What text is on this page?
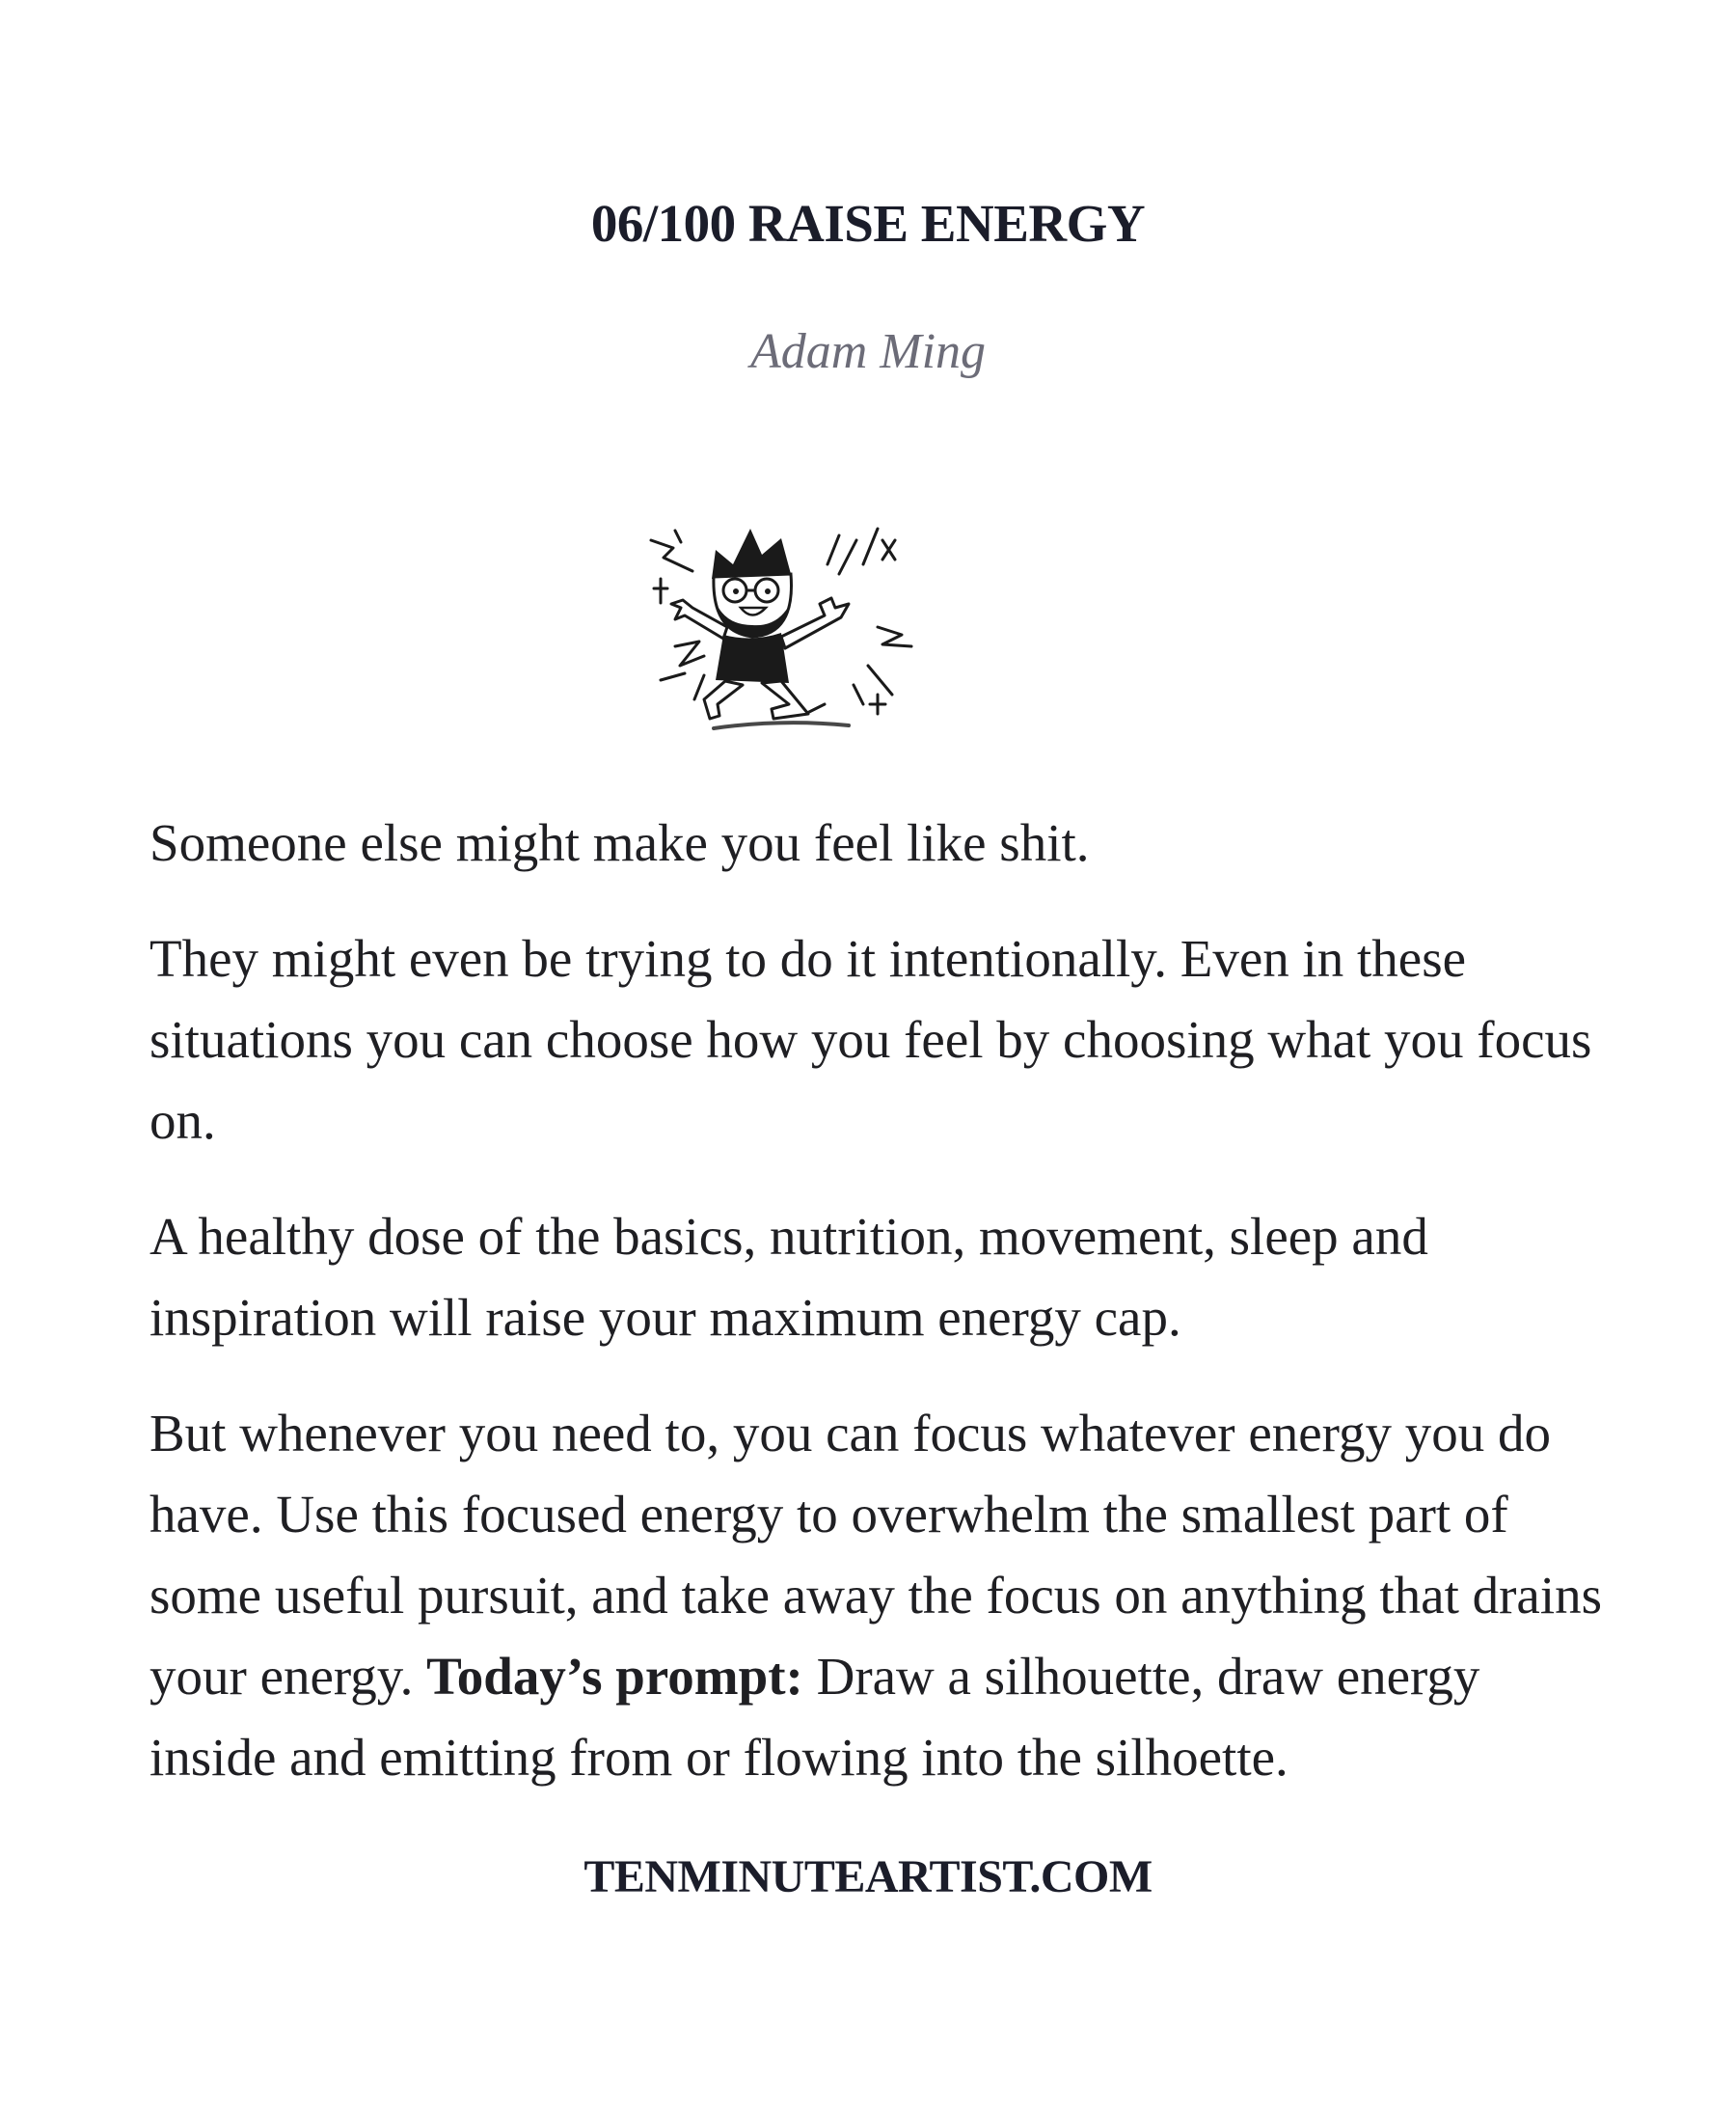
06/100 RAISE ENERGY
Adam Ming

Someone else might make you feel like shit.

They might even be trying to do it intentionally. Even in these situations you can choose how you feel by choosing what you focus on.

A healthy dose of the basics, nutrition, movement, sleep and inspiration will raise your maximum energy cap.

But whenever you need to, you can focus whatever energy you do have. Use this focused energy to overwhelm the smallest part of some useful pursuit, and take away the focus on anything that drains your energy. Today’s prompt: Draw a silhouette, draw energy inside and emitting from or flowing into the silhoette.

TENMINUTEARTIST.COM
